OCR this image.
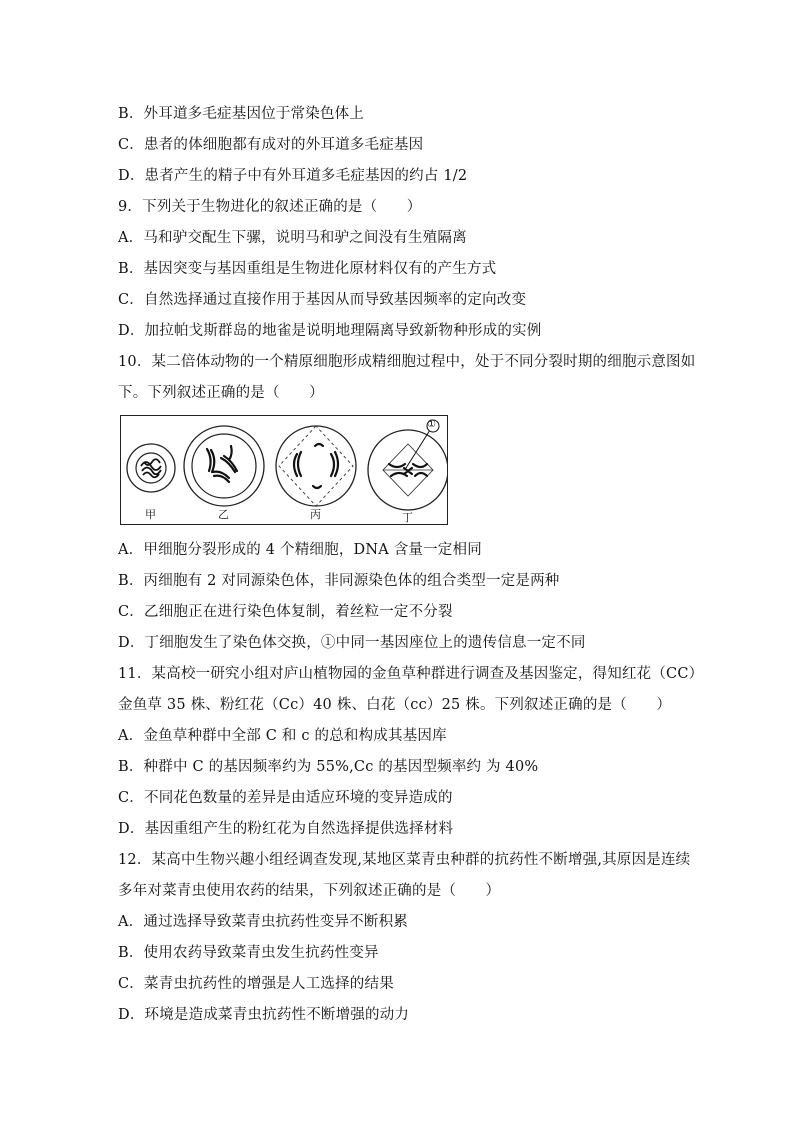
B．外耳道多毛症基因位于常染色体上
C．患者的体细胞都有成对的外耳道多毛症基因
D．患者产生的精子中有外耳道多毛症基因的约占 1/2
9．下列关于生物进化的叙述正确的是（　　）
A．马和驴交配生下骡，说明马和驴之间没有生殖隔离
B．基因突变与基因重组是生物进化原材料仅有的产生方式
C．自然选择通过直接作用于基因从而导致基因频率的定向改变
D．加拉帕戈斯群岛的地雀是说明地理隔离导致新物种形成的实例
10．某二倍体动物的一个精原细胞形成精细胞过程中，处于不同分裂时期的细胞示意图如
下。下列叙述正确的是（　　）
①
甲	乙	丙	丁
A．甲细胞分裂形成的 4 个精细胞，DNA 含量一定相同
B．丙细胞有 2 对同源染色体，非同源染色体的组合类型一定是两种
C．乙细胞正在进行染色体复制，着丝粒一定不分裂
D．丁细胞发生了染色体交换，①中同一基因座位上的遗传信息一定不同
11．某高校一研究小组对庐山植物园的金鱼草种群进行调查及基因鉴定，得知红花（CC）
金鱼草 35 株、粉红花（Cc）40 株、白花（cc）25 株。下列叙述正确的是（　　）
A．金鱼草种群中全部 C 和 c 的总和构成其基因库
B．种群中 C 的基因频率约为 55%,Cc 的基因型频率约 为 40%
C．不同花色数量的差异是由适应环境的变异造成的
D．基因重组产生的粉红花为自然选择提供选择材料
12．某高中生物兴趣小组经调查发现,某地区菜青虫种群的抗药性不断增强,其原因是连续
多年对菜青虫使用农药的结果，下列叙述正确的是（　　）
A．通过选择导致菜青虫抗药性变异不断积累
B．使用农药导致菜青虫发生抗药性变异
C．菜青虫抗药性的增强是人工选择的结果
D．环境是造成菜青虫抗药性不断增强的动力
